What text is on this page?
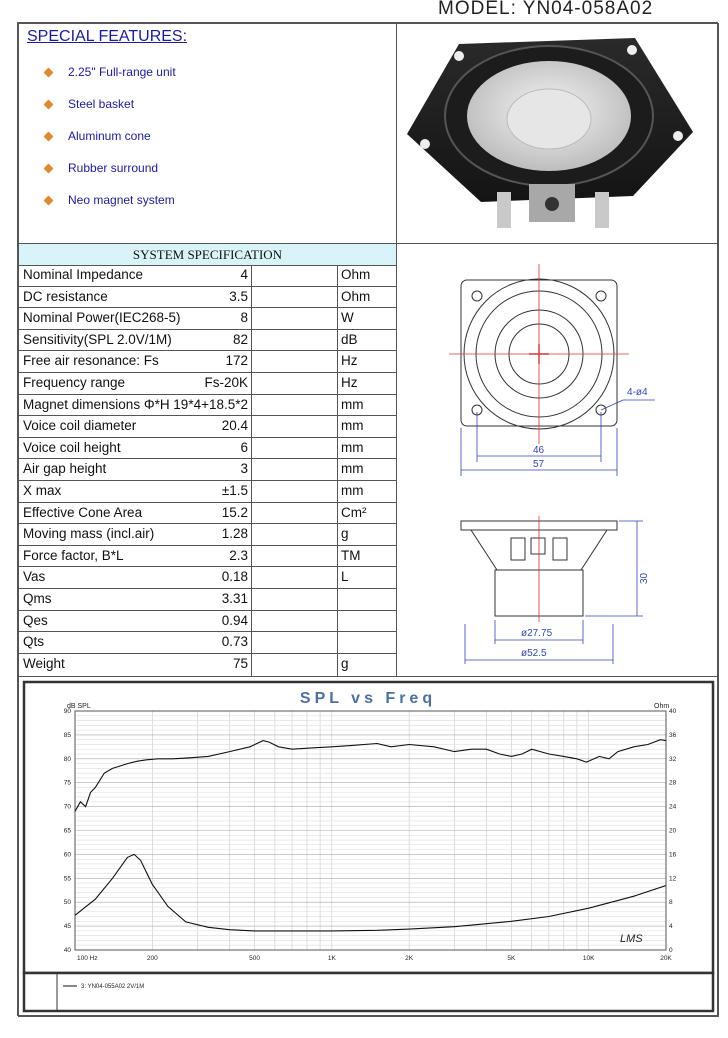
MODEL: YN04-058A02
SPECIAL FEATURES:
2.25" Full-range unit
Steel basket
Aluminum cone
Rubber surround
Neo magnet system
SYSTEM SPECIFICATION
Nominal Impedance	4	Ohm
DC resistance	3.5	Ohm
Nominal Power(IEC268-5)	8	W
Sensitivity(SPL 2.0V/1M)	82	dB
Free air resonance: Fs	172	Hz
Frequency range	Fs-20K	Hz
Magnet dimensions Φ*H 19*4+18.5*2	mm
Voice coil diameter	20.4	mm
Voice coil height	6	mm
Air gap height	3	mm
X max	±1.5	mm
Effective Cone Area	15.2	Cm²
Moving mass (incl.air)	1.28	g
Force factor, B*L	2.3	TM
Vas	0.18	L
Qms	3.31
Qes	0.94
Qts	0.73
Weight	75	g
4-ø4
46
57
30
ø27.75
ø52.5
SPL vs Freq
dB SPL	Ohm
40
45
50
55
60
65
70
75
80
85
90
0
4
8
12
16
20
24
28
32
36
40
100 Hz	200	500	1K	2K	5K	10K	20K
LMS
3: YN04-055A02 2V/1M
